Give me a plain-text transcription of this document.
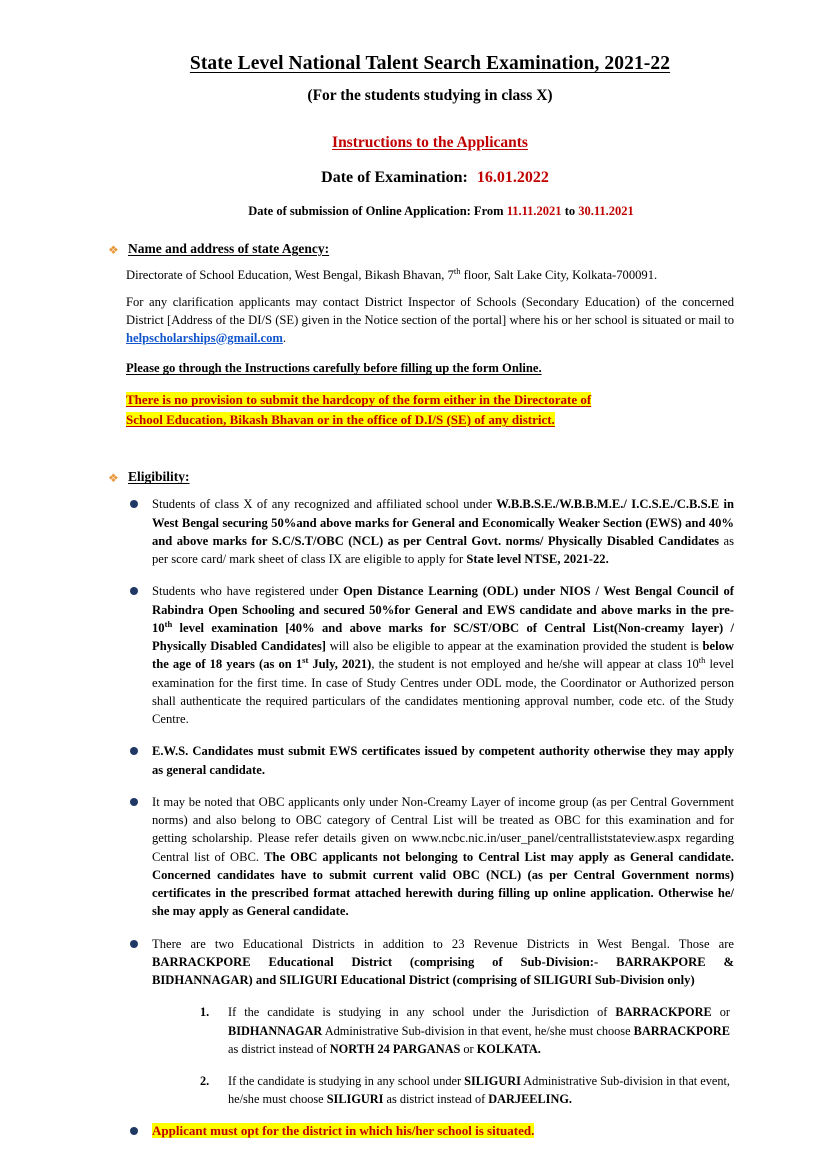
State Level National Talent Search Examination, 2021-22
(For the students studying in class X)
Instructions to the Applicants
Date of Examination: 16.01.2022
Date of submission of Online Application: From 11.11.2021 to 30.11.2021
❖ Name and address of state Agency:

Directorate of School Education, West Bengal, Bikash Bhavan, 7th floor, Salt Lake City, Kolkata-700091.

For any clarification applicants may contact District Inspector of Schools (Secondary Education) of the concerned District [Address of the DI/S (SE) given in the Notice section of the portal] where his or her school is situated or mail to helpscholarships@gmail.com.

Please go through the Instructions carefully before filling up the form Online.
There is no provision to submit the hardcopy of the form either in the Directorate of
School Education, Bikash Bhavan or in the office of D.I/S (SE) of any district.
❖ Eligibility:
Students of class X of any recognized and affiliated school under W.B.B.S.E./W.B.B.M.E./ I.C.S.E./C.B.S.E in West Bengal securing 50%and above marks for General and Economically Weaker Section (EWS) and 40% and above marks for S.C/S.T/OBC (NCL) as per Central Govt. norms/ Physically Disabled Candidates as per score card/ mark sheet of class IX are eligible to apply for State level NTSE, 2021-22.
Students who have registered under Open Distance Learning (ODL) under NIOS / West Bengal Council of Rabindra Open Schooling and secured 50%for General and EWS candidate and above marks in the pre-10th level examination [40% and above marks for SC/ST/OBC of Central List(Non-creamy layer) / Physically Disabled Candidates] will also be eligible to appear at the examination provided the student is below the age of 18 years (as on 1st July, 2021), the student is not employed and he/she will appear at class 10th level examination for the first time. In case of Study Centres under ODL mode, the Coordinator or Authorized person shall authenticate the required particulars of the candidates mentioning approval number, code etc. of the Study Centre.
E.W.S. Candidates must submit EWS certificates issued by competent authority otherwise they may apply as general candidate.
It may be noted that OBC applicants only under Non-Creamy Layer of income group (as per Central Government norms) and also belong to OBC category of Central List will be treated as OBC for this examination and for getting scholarship. Please refer details given on www.ncbc.nic.in/user_panel/centralliststateview.aspx regarding Central list of OBC. The OBC applicants not belonging to Central List may apply as General candidate. Concerned candidates have to submit current valid OBC (NCL) (as per Central Government norms) certificates in the prescribed format attached herewith during filling up online application. Otherwise he/ she may apply as General candidate.
There are two Educational Districts in addition to 23 Revenue Districts in West Bengal. Those are BARRACKPORE Educational District (comprising of Sub-Division:- BARRAKPORE & BIDHANNAGAR) and SILIGURI Educational District (comprising of SILIGURI Sub-Division only)
1. If the candidate is studying in any school under the Jurisdiction of BARRACKPORE or BIDHANNAGAR Administrative Sub-division in that event, he/she must choose BARRACKPORE as district instead of NORTH 24 PARGANAS or KOLKATA.
2. If the candidate is studying in any school under SILIGURI Administrative Sub-division in that event, he/she must choose SILIGURI as district instead of DARJEELING.
Applicant must opt for the district in which his/her school is situated.
